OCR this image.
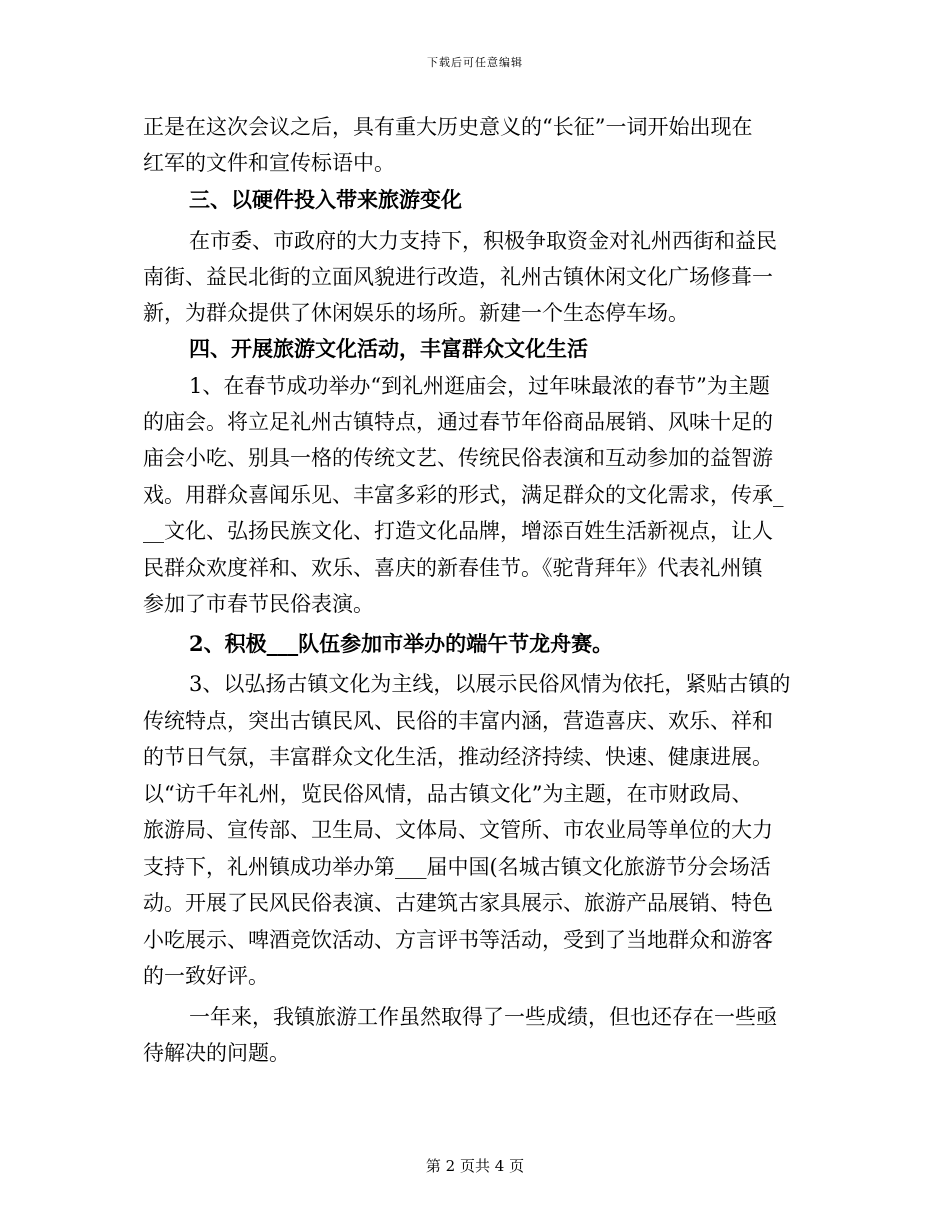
下载后可任意编辑
正是在这次会议之后，具有重大历史意义的“长征”一词开始出现在
红军的文件和宣传标语中。
三、以硬件投入带来旅游变化
在市委、市政府的大力支持下，积极争取资金对礼州西街和益民
南街、益民北街的立面风貌进行改造，礼州古镇休闲文化广场修葺一
新，为群众提供了休闲娱乐的场所。新建一个生态停车场。
四、开展旅游文化活动，丰富群众文化生活
1、在春节成功举办“到礼州逛庙会，过年味最浓的春节”为主题
的庙会。将立足礼州古镇特点，通过春节年俗商品展销、风味十足的
庙会小吃、别具一格的传统文艺、传统民俗表演和互动参加的益智游
戏。用群众喜闻乐见、丰富多彩的形式，满足群众的文化需求，传承_
__文化、弘扬民族文化、打造文化品牌，增添百姓生活新视点，让人
民群众欢度祥和、欢乐、喜庆的新春佳节。《驼背拜年》代表礼州镇
参加了市春节民俗表演。
2、积极___队伍参加市举办的端午节龙舟赛。
3、以弘扬古镇文化为主线，以展示民俗风情为依托，紧贴古镇的
传统特点，突出古镇民风、民俗的丰富内涵，营造喜庆、欢乐、祥和
的节日气氛，丰富群众文化生活，推动经济持续、快速、健康进展。
以“访千年礼州，览民俗风情，品古镇文化”为主题，在市财政局、
旅游局、宣传部、卫生局、文体局、文管所、市农业局等单位的大力
支持下，礼州镇成功举办第___届中国(名城古镇文化旅游节分会场活
动。开展了民风民俗表演、古建筑古家具展示、旅游产品展销、特色
小吃展示、啤酒竞饮活动、方言评书等活动，受到了当地群众和游客
的一致好评。
一年来，我镇旅游工作虽然取得了一些成绩，但也还存在一些亟
待解决的问题。
第 2 页共 4 页
